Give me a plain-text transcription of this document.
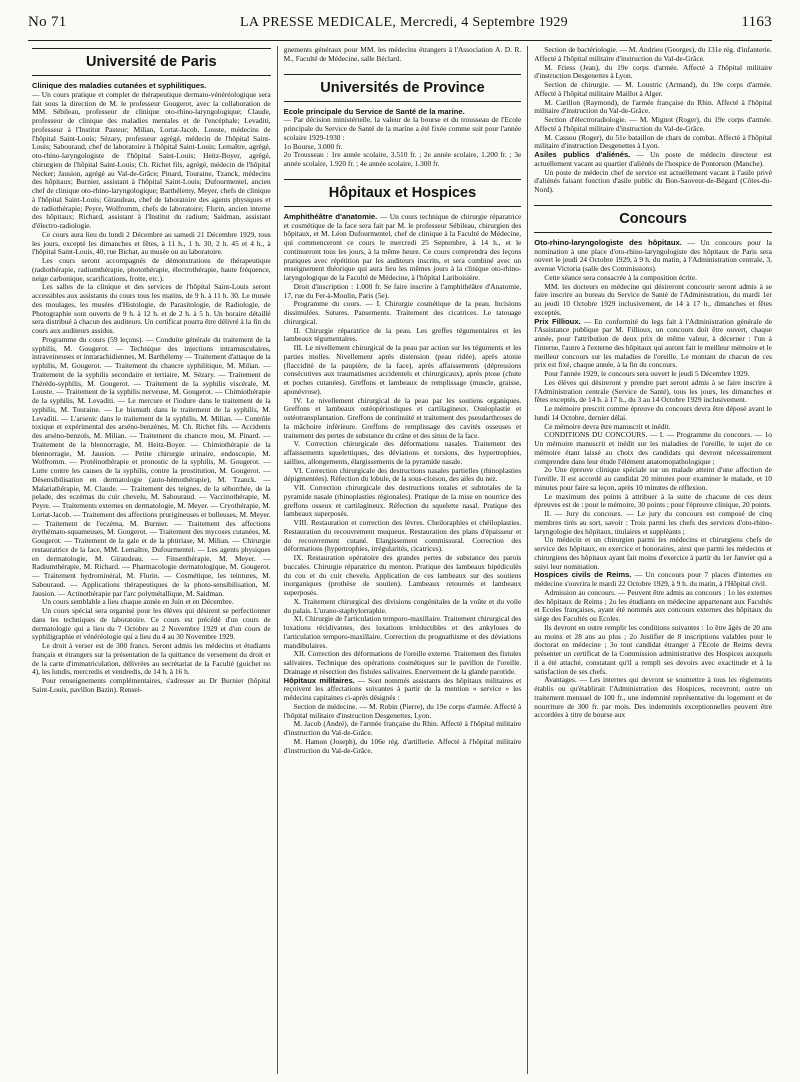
No 71	LA PRESSE MEDICALE, Mercredi, 4 Septembre 1929	1163
Université de Paris
Clinique des maladies cutanées et syphilitiques.

— Un cours pratique et complet de thérapeutique dermato-vénéréologique sera fait sous la direction de M. le professeur Gougerot, avec la collaboration de MM. Sébileau, professeur de clinique oto-rhino-laryngologique; Claude, professeur de clinique des maladies mentales et de l'encéphale; Levaditi, professeur à l'Institut Pasteur; Milian, Lortat-Jacob, Louste, médecins de l'hôpital Saint-Louis; Sézary, professeur agrégé, médecin de l'hôpital Saint-Louis; Sabouraud, chef de laboratoire à l'hôpital Saint-Louis; Lemaître, agrégé, oto-rhino-laryngologiste de l'hôpital Saint-Louis; Heitz-Boyer, agrégé, chirurgien de l'hôpital Saint-Louis; Ch. Richet fils, agrégé, médecin de l'hôpital Necker; Jausion, agrégé au Val-de-Grâce; Pinard, Touraine, Tzanck, médecins des hôpitaux; Burnier, assistant à l'hôpital Saint-Louis; Dufourmentel, ancien chef de clinique oto-rhino-laryngologique; Barthélemy, Meyer, chefs de clinique à l'hôpital Saint-Louis; Giraudeau, chef de laboratoire des agents physiques et de radiothérapie; Peyre, Wolfromm, chefs de laboratoire; Flurin, ancien interne des hôpitaux; Richard, assistant à l'Institut du radium; Saidman, assistant d'électro-radiologie.

Ce cours aura lieu du lundi 2 Décembre au samedi 21 Décembre 1929, tous les jours, excepté les dimanches et fêtes, à 11 h., 1 h. 30, 2 h. 45 et 4 h., à l'hôpital Saint-Louis, 40, rue Bichat, au musée ou au laboratoire.

Les cours seront accompagnés de démonstrations de thérapeutique (radiothérapie, radiumthérapie, photothérapie, électrothérapie, haute fréquence, neige carbonique, scarifications, frotte, etc.).

Les salles de la clinique et des services de l'hôpital Saint-Louis seront accessibles aux assistants du cours tous les matins, de 9 h. à 11 h. 30. Le musée des moulages, les musées d'Histologie, de Parasitologie, de Radiologie, de Photographie sont ouverts de 9 h. à 12 h. et de 2 h. à 5 h. Un horaire détaillé sera distribué à chacun des auditeurs. Un certificat pourra être délivré à la fin du cours aux auditeurs assidus.

Programme du cours (59 leçons). — Conduite générale du traitement de la syphilis, M. Gougerot. — Technique des injections intramusculaires, intraveineuses et intrarachidiennes, M. Barthélemy — Traitement d'attaque de la syphilis, M. Gougerot. — Traitement du chancre syphilitique, M. Milian. — Traitement de la syphilis secondaire et tertiaire, M. Sézary. — Traitement de l'hérédo-syphilis, M. Gougerot. — Traitement de la syphilis viscérale, M. Louste. — Traitement de la syphilis nerveuse, M. Gougerot. — Chimiothérapie de la syphilis, M. Levaditi. — Le mercure et l'iodure dans le traitement de la syphilis, M. Touraine. — Le bismuth dans le traitement de la syphilis, M. Levaditi. — L'arsenic dans le traitement de la syphilis, M. Milian. — Contrôle toxique et expérimental des arséno-benzènes, M. Ch. Richet fils. — Accidents des arséno-benzols, M. Milian. — Traitement du chancre mou, M. Pinard. — Traitement de la blennorragie, M. Heitz-Boyer. — Chimiothérapie de la blennorragie, M. Jausion. — Petite chirurgie urinaire, endoscopie, M. Wolfromm. — Protéinothérapie et pronostic de la syphilis, M. Gougerot. — Lutte contre les causes de la syphilis, contre la prostitution, M. Gougerot. — Désensibilisation en dermatologie (auto-hémothérapie), M. Tzanck. — Malariathérapie, M. Claude. — Traitement des teignes, de la séborrhée, de la pelade, des eczémas du cuir chevelu, M. Sabouraud. — Vaccinothérapie, M. Peyre. — Traitements externes en dermatologie, M. Meyer. — Cryothérapie, M. Lortat-Jacob. — Traitement des affections prurigineuses et bulleuses, M. Meyer. — Traitement de l'eczéma, M. Burnier. — Traitement des affections érythémato-squameuses, M. Gougerot. — Traitement des mycoses cutanées, M. Gougerot. — Traitement de la gale et de la phtiriase, M. Milian. — Chirurgie restauratrice de la face, MM. Lemaître, Dufourmentel. — Les agents physiques en dermatologie, M. Giraudeau. — Finsenthérapie, M. Meyer. — Radiumthérapie, M. Richard. — Pharmacologie dermatologique, M. Gougerot. — Traitement hydrominéral, M. Flurin. — Cosmétique, les teintures, M. Sabouraud. — Applications thérapeutiques de la photo-sensibilisation, M. Jausion. — Actinothérapie par l'arc polymétallique, M. Saidman.

Un cours semblable a lieu chaque année en Juin et en Décembre.

Un cours spécial sera organisé pour les élèves qui désirent se perfectionner dans les techniques de laboratoire. Ce cours est précédé d'un cours de dermatologie qui a lieu du 7 Octobre au 2 Novembre 1929 et d'un cours de syphiligraphie et vénéréologie qui a lieu du 4 au 30 Novembre 1929.

Le droit à verser est de 300 francs. Seront admis les médecins et étudiants français et étrangers sur la présentation de la quittance de versement du droit et de la carte d'immatriculation, délivrées au secrétariat de la Faculté (guichet no 4), les lundis, mercredis et vendredis, de 14 h. à 16 h.

Pour renseignements complémentaires, s'adresser au Dr Burnier (hôpital Saint-Louis, pavillon Bazin). Rensei-

gnements généraux pour MM. les médecins étrangers à l'Association A. D. R. M., Faculté de Médecine, salle Béclard.

Universités de Province
Ecole principale du Service de Santé de la marine.

— Par décision ministérielle, la valeur de la bourse et du trousseau de l'Ecole principale du Service de Santé de la marine a été fixée comme suit pour l'année scolaire 1929-1930 :

1o Bourse, 3.000 fr.

2o Trousseau : 1re année scolaire, 3.510 fr. ; 2e année scolaire, 1.200 fr. ; 3e année scolaire, 1.920 fr. ; 4e année scolaire, 1.300 fr.

Hôpitaux et Hospices

Amphithéâtre d'anatomie. — Un cours technique de chirurgie réparatrice et cosmétique de la face sera fait par M. le professeur Sébileau, chirurgien des hôpitaux, et M. Léon Dufourmentel, chef de clinique à la Faculté de Médecine, qui commenceront ce cours le mercredi 25 Septembre, à 14 h., et le continueront tous les jours, à la même heure. Ce cours comprendra des leçons pratiques avec répétition par les auditeurs inscrits, et sera combiné avec un enseignement théorique qui aura lieu les mêmes jours à la clinique oto-rhino-laryngologique de la Faculté de Médecine, à l'hôpital Lariboisière.

Droit d'inscription : 1.000 fr. Se faire inscrire à l'amphithéâtre d'Anatomie, 17, rue du Fer-à-Moulin, Paris (5e).

Programme du cours. — I. Chirurgie cosmétique de la peau. Incisions dissimulées. Sutures. Pansements. Traitement des cicatrices. Le tatouage chirurgical.

II. Chirurgie réparatrice de la peau. Les greffes tégumentaires et les lambeaux tégumentaires.

III. Le nivellement chirurgical de la peau par action sur les téguments et les parties molles. Nivellement après distension (peau ridée), après atonie (flaccidité de la paupière, de la face), après affaissements (dépressions consécutives aux traumatismes accidentels et chirurgicaux), après ptose (chute et poches cutanées). Greffons et lambeaux de remplissage (muscle, graisse, aponévrose).

IV. Le nivellement chirurgical de la peau par les soutiens organiques. Greffons et lambeaux ostéopériostiques et cartilagineux. Ostéoplastie et ostéotransplantation. Greffons de continuité et traitement des pseudarthroses de la mâchoire inférieure. Greffons de remplissage des cavités osseuses et traitement des pertes de substance du crâne et des sinus de la face.

V. Correction chirurgicale des déformations nasales. Traitement des affaissements squelettiques, des déviations et torsions, des hypertrophies, saillies, allongements, élargissements de la pyramide nasale.

VI. Correction chirurgicale des destructions nasales partielles (rhinoplasties dépigmentées). Réfection du lobule, de la sous-cloison, des ailes du nez.

VII. Correction chirurgicale des destructions totales et subtotales de la pyramide nasale (rhinoplasties régionales). Pratique de la mise en nourrice des greffons osseux et cartilagineux. Réfection du squelette nasal. Pratique des lambeaux superposés.

VIII. Restauration et correction des lèvres. Cheiloraphies et chéiloplasties. Restauration du recouvrement muqueux. Restauration des plans d'épaisseur et du recouvrement cutané. Elargissement commissural. Correction des déformations (hypertrophies, irrégularités, cicatrices).

IX. Restauration opératoire des grandes pertes de substance des parois buccales. Chirurgie réparatrice du menton. Pratique des lambeaux bipédiculés du cou et du cuir chevelu. Application de ces lambeaux sur des soutiens inorganiques (prothèse de soutien). Lambeaux retournés et lambeaux superposés.

X. Traitement chirurgical des divisions congénitales de la voûte et du voile du palais. L'urano-staphylorraphie.

XI. Chirurgie de l'articulation temporo-maxillaire. Traitement chirurgical des luxations récidivantes, des luxations irréductibles et des ankyloses de l'articulation temporo-maxillaire. Correction du prognathisme et des déviations mandibulaires.

XII. Correction des déformations de l'oreille externe. Traitement des fistules salivaires. Technique des opérations cosmétiques sur le pavillon de l'oreille. Drainage et résection des fistules salivaires. Enervement de la glande parotide.

Hôpitaux militaires. — Sont nommés assistants des hôpitaux militaires et reçoivent les affectations suivantes à partir de la mention « service » les médecins capitaines ci-après désignés :

Section de médecine. — M. Robin (Pierre), du 19e corps d'armée. Affecté à l'hôpital militaire d'instruction Desgenettes, Lyon.

M. Jacob (André), de l'armée française du Rhin. Affecté à l'hôpital militaire d'instruction du Val-de-Grâce.

M. Hamon (Joseph), du 106e rég. d'artillerie. Affecté à l'hôpital militaire d'instruction du Val-de-Grâce.

Section de bactériologie. — M. Andrieu (Georges), du 131e rég. d'infanterie. Affecté à l'hôpital militaire d'instruction du Val-de-Grâce.

M. Friess (Jean), du 19e corps d'armée. Affecté à l'hôpital militaire d'instruction Desgenettes à Lyon.

Section de chirurgie. — M. Loustric (Armand), du 19e corps d'armée. Affecté à l'hôpital militaire Maillot à Alger.

M. Carillon (Raymond), de l'armée française du Rhin. Affecté à l'hôpital militaire d'instruction du Val-de-Grâce.

Section d'électroradiologie. — M. Mignot (Roger), du 19e corps d'armée. Affecté à l'hôpital militaire d'instruction du Val-de-Grâce.

M. Cassou (Roger), du 51e bataillon de chars de combat. Affecté à l'hôpital militaire d'instruction Desgenettes à Lyon.

Asiles publics d'aliénés. — Un poste de médecin directeur est actuellement vacant au quartier d'aliénés de l'hospice de Pontorson (Manche).

Un poste de médecin chef de service est actuellement vacant à l'asile privé d'aliénés faisant fonction d'asile public du Bon-Sauveur-de-Bégard (Côtes-du-Nord).

Concours

Oto-rhino-laryngologiste des hôpitaux. — Un concours pour la nomination à une place d'oto-rhino-laryngologiste des hôpitaux de Paris sera ouvert le jeudi 24 Octobre 1929, à 9 h. du matin, à l'Administration centrale, 3, avenue Victoria (salle des Commissions).

Cette séance sera consacrée à la composition écrite.

MM. les docteurs en médecine qui désireront concourir seront admis à se faire inscrire au bureau du Service de Santé de l'Administration, du mardi 1er au jeudi 10 Octobre 1929 inclusivement, de 14 à 17 h., dimanches et fêtes exceptés.

Prix Fillioux. — En conformité du legs fait à l'Administration générale de l'Assistance publique par M. Fillioux, un concours doit être ouvert, chaque année, pour l'attribution de deux prix de même valeur, à décerner : l'un à l'interne, l'autre à l'externe des hôpitaux qui auront fait le meilleur mémoire et le meilleur concours sur les maladies de l'oreille. Le montant de chacun de ces prix est fixé, chaque année, à la fin du concours.

Pour l'année 1929, le concours sera ouvert le jeudi 5 Décembre 1929.

Les élèves qui désireront y prendre part seront admis à se faire inscrire à l'Administration centrale (Service de Santé), tous les jours, les dimanches et fêtes exceptés, de 14 h. à 17 h., du 3 au 14 Octobre 1929 inclusivement.

Le mémoire prescrit comme épreuve du concours devra être déposé avant le lundi 14 Octobre, dernier délai.

Ce mémoire devra être manuscrit et inédit.

CONDITIONS DU CONCOURS. — I. — Programme du concours. — 1o Un mémoire manuscrit et inédit sur les maladies de l'oreille, le sujet de ce mémoire étant laissé au choix des candidats qui devront nécessairement comprendre dans leur étude l'élément anatomopathologique ;

2o Une épreuve clinique spéciale sur un malade atteint d'une affection de l'oreille. Il est accordé au candidat 20 minutes pour examiner le malade, et 10 minutes pour faire sa leçon, après 10 minutes de réflexion.

Le maximum des points à attribuer à la suite de chacune de ces deux épreuves est de : pour le mémoire, 30 points ; pour l'épreuve clinique, 20 points.

II. — Jury du concours. — Le jury du concours est composé de cinq membres tirés au sort, savoir : Trois parmi les chefs des services d'oto-rhino-laryngologie des hôpitaux, titulaires et suppléants ;

Un médecin et un chirurgien parmi les médecins et chirurgiens chefs de service des hôpitaux, en exercice et honoraires, ainsi que parmi les médecins et chirurgiens des hôpitaux ayant fait moins d'exercice à partir du 1er Janvier qui a suivi leur nomination.

Hospices civils de Reims. — Un concours pour 7 places d'internes en médecine s'ouvrira le mardi 22 Octobre 1929, à 9 h. du matin, à l'Hôpital civil.

Admission au concours. — Peuvent être admis au concours : 1o les externes des hôpitaux de Reims ; 2o les étudiants en médecine appartenant aux Facultés et Ecoles françaises, ayant été nommés aux concours externes des hôpitaux du siège des Facultés ou Ecoles.

Ils devront en outre remplir les conditions suivantes : 1o être âgés de 20 ans au moins et 28 ans au plus ; 2o Justifier de 8 inscriptions valables pour le doctorat en médecine ; 3o tout candidat étranger à l'Ecole de Reims devra présenter un certificat de la Commission administrative des Hospices auxquels il a été attaché, constatant qu'il a rempli ses devoirs avec exactitude et à la satisfaction de ses chefs.

Avantages. — Les internes qui devront se soumettre à tous les règlements établis ou qu'établirait l'Administration des Hospices, recevront, outre un traitement mensuel de 100 fr., une indemnité représentative du logement et de nourriture de 300 fr. par mois. Des indemnités exceptionnelles peuvent être accordées à titre de bourse aux
